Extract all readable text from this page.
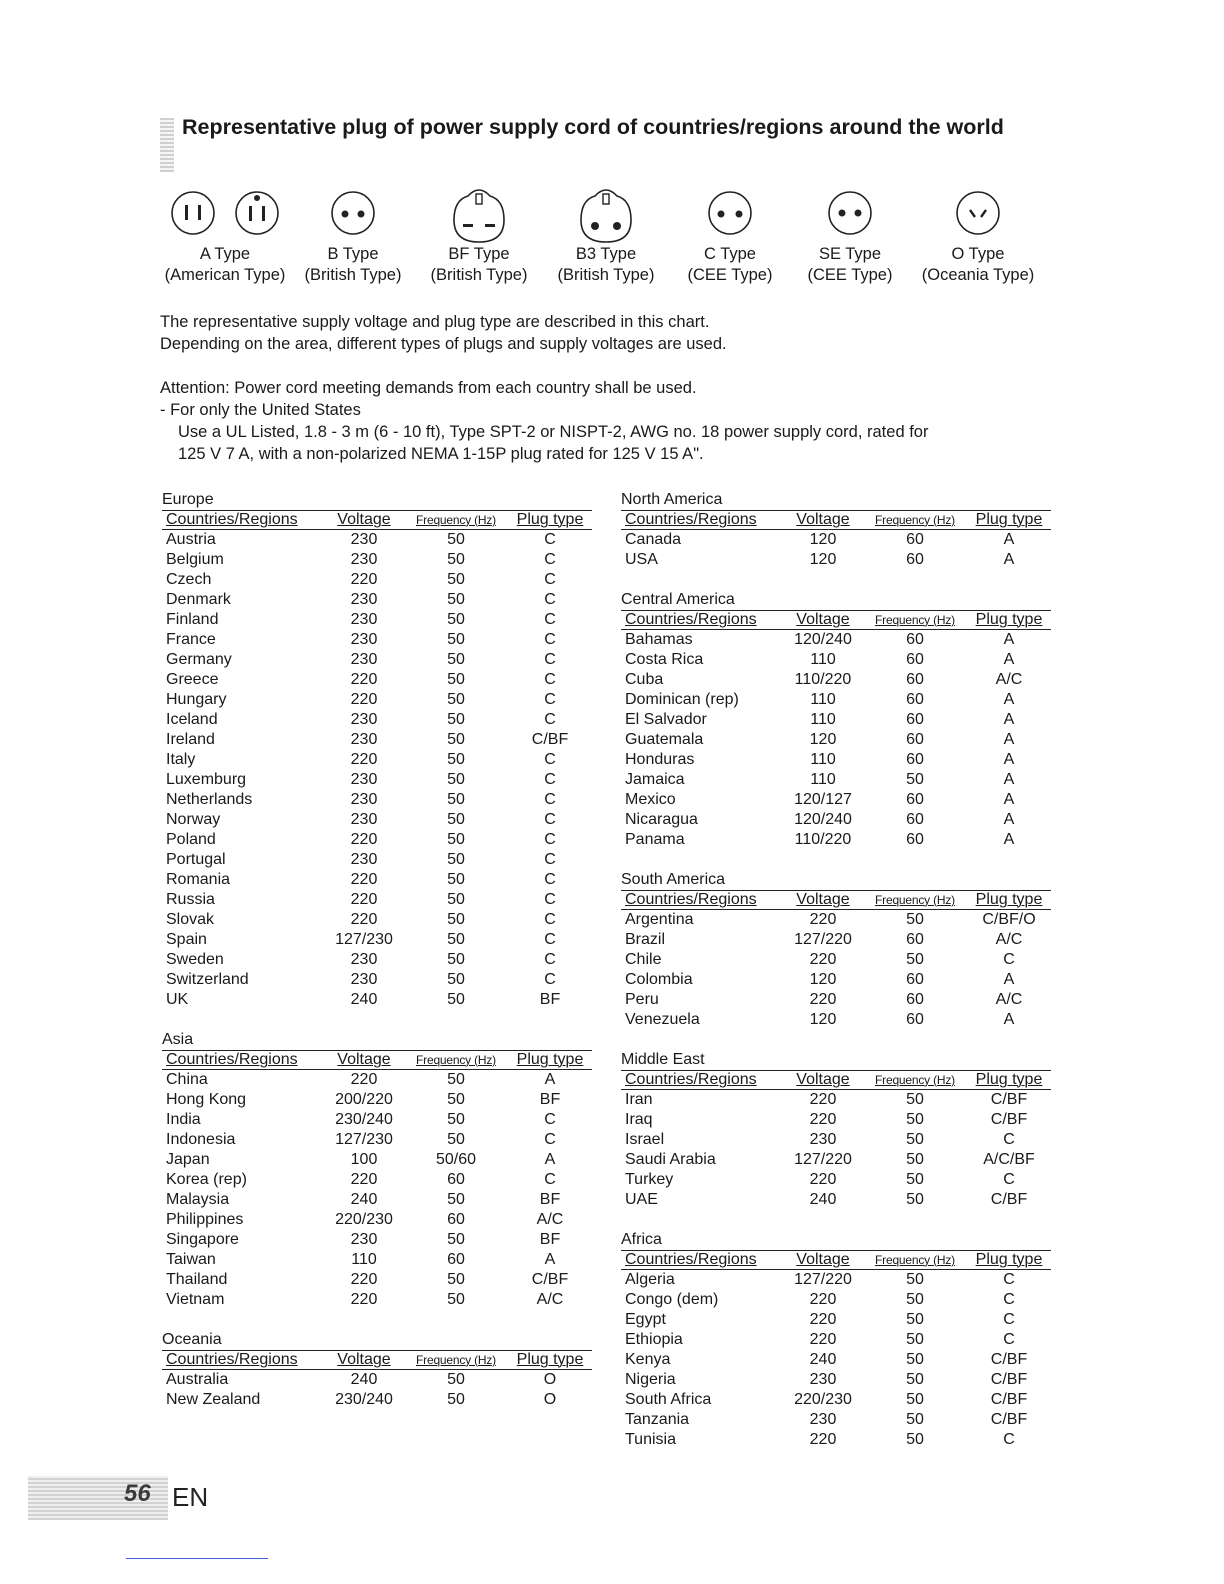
Representative plug of power supply cord of countries/regions around the world
A Type
(American Type)
B Type
(British Type)
BF Type
(British Type)
B3 Type
(British Type)
C Type
(CEE Type)
SE Type
(CEE Type)
O Type
(Oceania Type)

The representative supply voltage and plug type are described in this chart.

Depending on the area, different types of plugs and supply voltages are used.

Attention: Power cord meeting demands from each country shall be used.

- For only the United States

Use a UL Listed, 1.8 - 3 m (6 - 10 ft), Type SPT-2 or NISPT-2, AWG no. 18 power supply cord, rated for

125 V 7 A, with a non-polarized NEMA 1-15P plug rated for 125 V 15 A".

Europe
Countries/Regions	Voltage	Frequency (Hz)	Plug type
Austria	230	50	C
Belgium	230	50	C
Czech	220	50	C
Denmark	230	50	C
Finland	230	50	C
France	230	50	C
Germany	230	50	C
Greece	220	50	C
Hungary	220	50	C
Iceland	230	50	C
Ireland	230	50	C/BF
Italy	220	50	C
Luxemburg	230	50	C
Netherlands	230	50	C
Norway	230	50	C
Poland	220	50	C
Portugal	230	50	C
Romania	220	50	C
Russia	220	50	C
Slovak	220	50	C
Spain	127/230	50	C
Sweden	230	50	C
Switzerland	230	50	C
UK	240	50	BF
Asia
Countries/Regions	Voltage	Frequency (Hz)	Plug type
China	220	50	A
Hong Kong	200/220	50	BF
India	230/240	50	C
Indonesia	127/230	50	C
Japan	100	50/60	A
Korea (rep)	220	60	C
Malaysia	240	50	BF
Philippines	220/230	60	A/C
Singapore	230	50	BF
Taiwan	110	60	A
Thailand	220	50	C/BF
Vietnam	220	50	A/C
Oceania
Countries/Regions	Voltage	Frequency (Hz)	Plug type
Australia	240	50	O
New Zealand	230/240	50	O
North America
Countries/Regions	Voltage	Frequency (Hz)	Plug type
Canada	120	60	A
USA	120	60	A
Central America
Countries/Regions	Voltage	Frequency (Hz)	Plug type
Bahamas	120/240	60	A
Costa Rica	110	60	A
Cuba	110/220	60	A/C
Dominican (rep)	110	60	A
El Salvador	110	60	A
Guatemala	120	60	A
Honduras	110	60	A
Jamaica	110	50	A
Mexico	120/127	60	A
Nicaragua	120/240	60	A
Panama	110/220	60	A
South America
Countries/Regions	Voltage	Frequency (Hz)	Plug type
Argentina	220	50	C/BF/O
Brazil	127/220	60	A/C
Chile	220	50	C
Colombia	120	60	A
Peru	220	60	A/C
Venezuela	120	60	A
Middle East
Countries/Regions	Voltage	Frequency (Hz)	Plug type
Iran	220	50	C/BF
Iraq	220	50	C/BF
Israel	230	50	C
Saudi Arabia	127/220	50	A/C/BF
Turkey	220	50	C
UAE	240	50	C/BF
Africa
Countries/Regions	Voltage	Frequency (Hz)	Plug type
Algeria	127/220	50	C
Congo (dem)	220	50	C
Egypt	220	50	C
Ethiopia	220	50	C
Kenya	240	50	C/BF
Nigeria	230	50	C/BF
South Africa	220/230	50	C/BF
Tanzania	230	50	C/BF
Tunisia	220	50	C
56 EN
